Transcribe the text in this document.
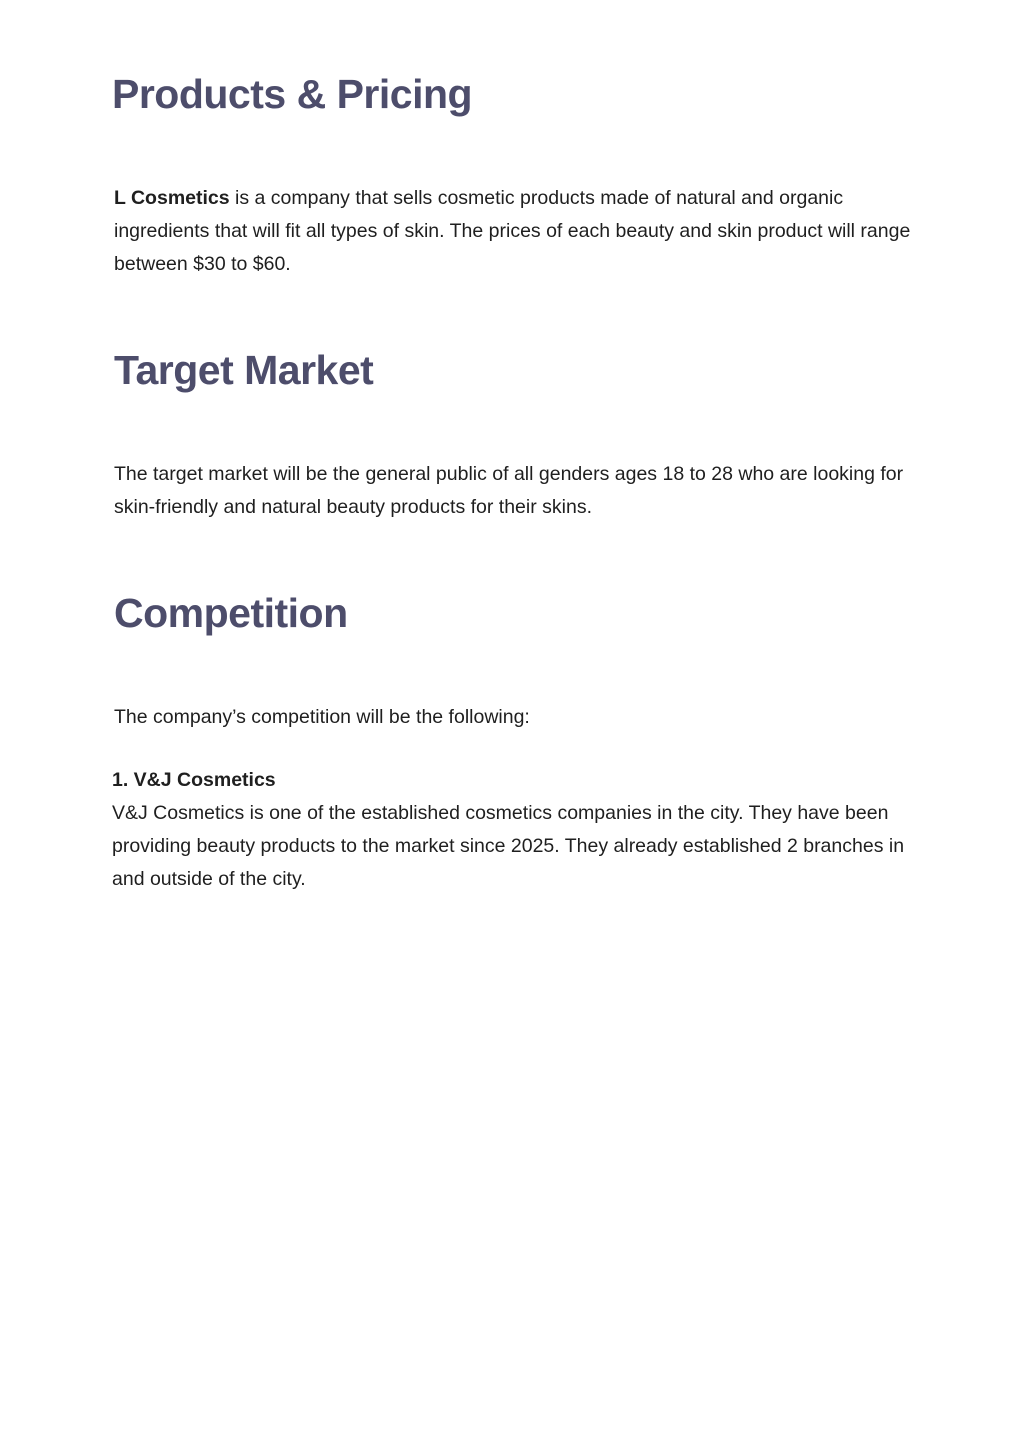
Products & Pricing

L Cosmetics is a company that sells cosmetic products made of natural and organic ingredients that will fit all types of skin. The prices of each beauty and skin product will range between $30 to $60.

Target Market

The target market will be the general public of all genders ages 18 to 28 who are looking for skin-friendly and natural beauty products for their skins.

Competition

The company’s competition will be the following:

1. V&J Cosmetics

V&J Cosmetics is one of the established cosmetics companies in the city. They have been providing beauty products to the market since 2025. They already established 2 branches in and outside of the city.
